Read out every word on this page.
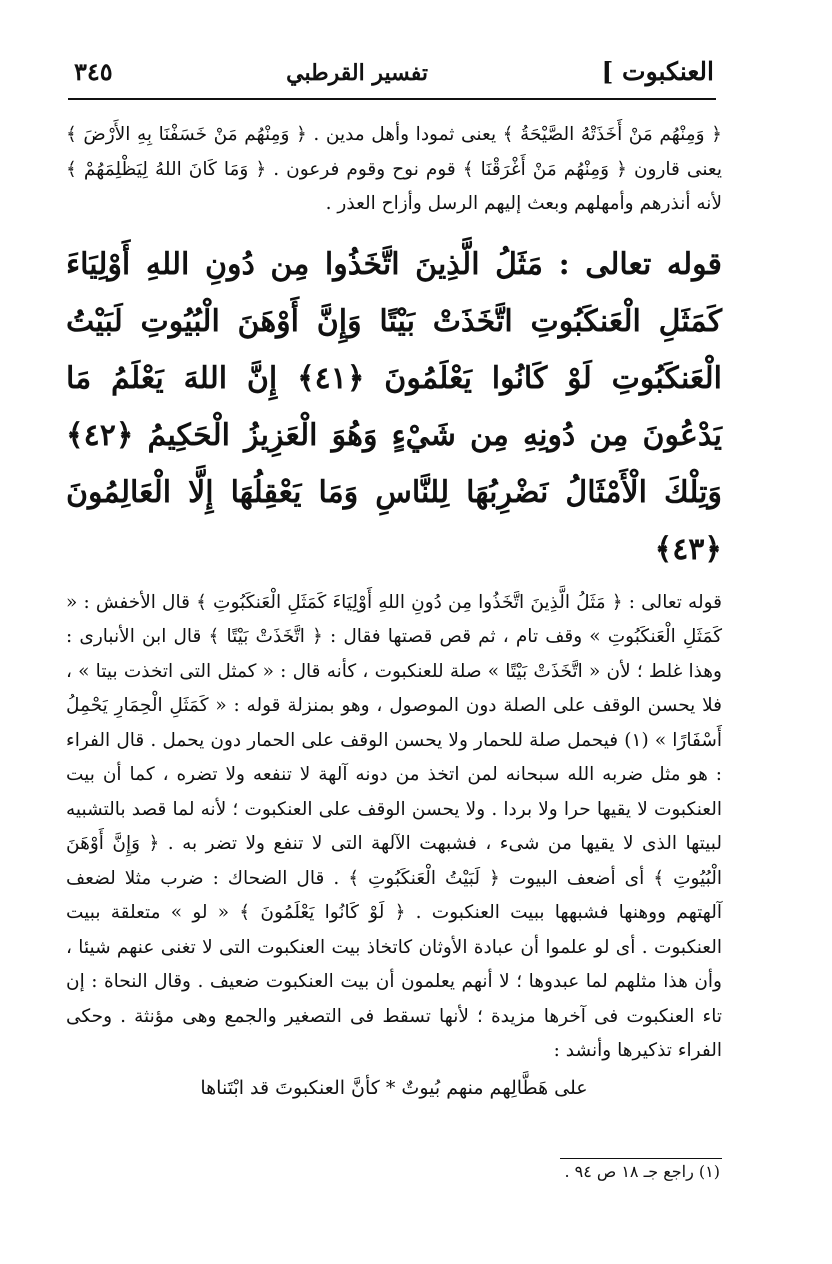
العنكبوت ]
تفسير القرطبي
٣٤٥

﴿ وَمِنْهُم مَنْ أَخَذَتْهُ الصَّيْحَةُ ﴾ يعنى ثمودا وأهل مدين . ﴿ وَمِنْهُم مَنْ خَسَفْنَا بِهِ الأَرْضَ ﴾ يعنى قارون ﴿ وَمِنْهُم مَنْ أَغْرَقْنَا ﴾ قوم نوح وقوم فرعون . ﴿ وَمَا كَانَ اللهُ لِيَظْلِمَهُمْ ﴾ لأنه أنذرهم وأمهلهم وبعث إليهم الرسل وأزاح العذر .

قوله تعالى : مَثَلُ الَّذِينَ اتَّخَذُوا مِن دُونِ اللهِ أَوْلِيَاءَ كَمَثَلِ الْعَنكَبُوتِ اتَّخَذَتْ بَيْتًا وَإِنَّ أَوْهَنَ الْبُيُوتِ لَبَيْتُ الْعَنكَبُوتِ لَوْ كَانُوا يَعْلَمُونَ ﴿٤١﴾ إِنَّ اللهَ يَعْلَمُ مَا يَدْعُونَ مِن دُونِهِ مِن شَيْءٍ وَهُوَ الْعَزِيزُ الْحَكِيمُ ﴿٤٢﴾ وَتِلْكَ الْأَمْثَالُ نَضْرِبُهَا لِلنَّاسِ وَمَا يَعْقِلُهَا إِلَّا الْعَالِمُونَ ﴿٤٣﴾

قوله تعالى : ﴿ مَثَلُ الَّذِينَ اتَّخَذُوا مِن دُونِ اللهِ أَوْلِيَاءَ كَمَثَلِ الْعَنكَبُوتِ ﴾ قال الأخفش : « كَمَثَلِ الْعَنكَبُوتِ » وقف تام ، ثم قص قصتها فقال : ﴿ اتَّخَذَتْ بَيْتًا ﴾ قال ابن الأنبارى : وهذا غلط ؛ لأن « اتَّخَذَتْ بَيْتًا » صلة للعنكبوت ، كأنه قال : « كمثل التى اتخذت بيتا » ، فلا يحسن الوقف على الصلة دون الموصول ، وهو بمنزلة قوله : « كَمَثَلِ الْحِمَارِ يَحْمِلُ أَسْفَارًا » (١) فيحمل صلة للحمار ولا يحسن الوقف على الحمار دون يحمل . قال الفراء : هو مثل ضربه الله سبحانه لمن اتخذ من دونه آلهة لا تنفعه ولا تضره ، كما أن بيت العنكبوت لا يقيها حرا ولا بردا . ولا يحسن الوقف على العنكبوت ؛ لأنه لما قصد بالتشبيه لبيتها الذى لا يقيها من شىء ، فشبهت الآلهة التى لا تنفع ولا تضر به . ﴿ وَإِنَّ أَوْهَنَ الْبُيُوتِ ﴾ أى أضعف البيوت ﴿ لَبَيْتُ الْعَنكَبُوتِ ﴾ . قال الضحاك : ضرب مثلا لضعف آلهتهم ووهنها فشبهها ببيت العنكبوت . ﴿ لَوْ كَانُوا يَعْلَمُونَ ﴾ « لو » متعلقة ببيت العنكبوت . أى لو علموا أن عبادة الأوثان كاتخاذ بيت العنكبوت التى لا تغنى عنهم شيئا ، وأن هذا مثلهم لما عبدوها ؛ لا أنهم يعلمون أن بيت العنكبوت ضعيف . وقال النحاة : إن تاء العنكبوت فى آخرها مزيدة ؛ لأنها تسقط فى التصغير والجمع وهى مؤنثة . وحكى الفراء تذكيرها وأنشد :

على هَطَّالِهم منهم بُيوتٌ * كأنَّ العنكبوتَ قد ابْتَناها

(١) راجع جـ ١٨ ص ٩٤ .
